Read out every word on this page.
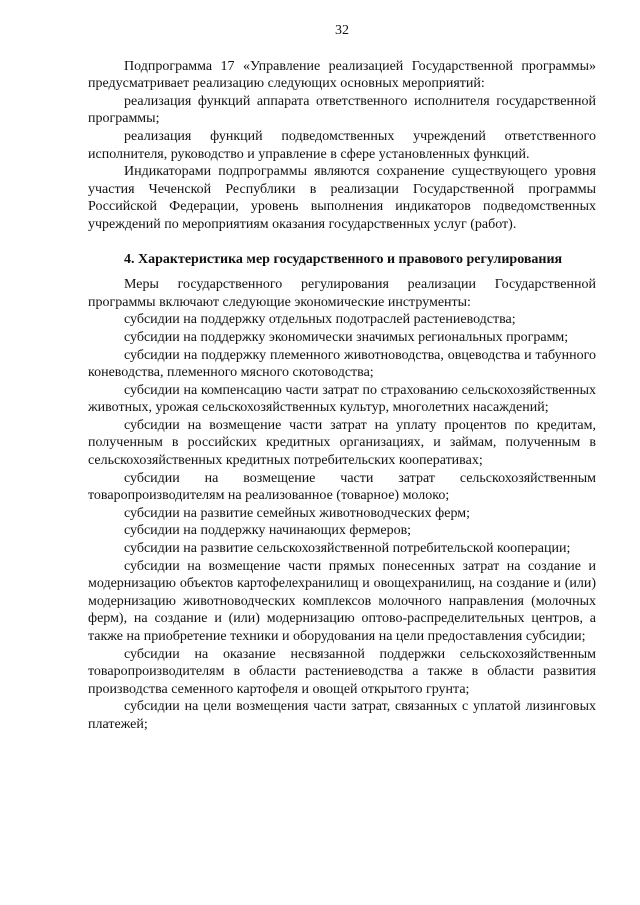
32

Подпрограмма 17 «Управление реализацией Государственной программы» предусматривает реализацию следующих основных мероприятий:

реализация функций аппарата ответственного исполнителя государственной программы;

реализация функций подведомственных учреждений ответственного исполнителя, руководство и управление в сфере установленных функций.

Индикаторами подпрограммы являются сохранение существующего уровня участия Чеченской Республики в реализации Государственной программы Российской Федерации, уровень выполнения индикаторов подведомственных учреждений по мероприятиям оказания государственных услуг (работ).

4. Характеристика мер государственного и правового регулирования

Меры государственного регулирования реализации Государственной программы включают следующие экономические инструменты:

субсидии на поддержку отдельных подотраслей растениеводства;

субсидии на поддержку экономически значимых региональных программ;

субсидии на поддержку племенного животноводства, овцеводства и табунного коневодства, племенного мясного скотоводства;

субсидии на компенсацию части затрат по страхованию сельскохозяйственных животных, урожая сельскохозяйственных культур, многолетних насаждений;

субсидии на возмещение части затрат на уплату процентов по кредитам, полученным в российских кредитных организациях, и займам, полученным в сельскохозяйственных кредитных потребительских кооперативах;

субсидии на возмещение части затрат сельскохозяйственным товаропроизводителям на реализованное (товарное) молоко;

субсидии на развитие семейных животноводческих ферм;

субсидии на поддержку начинающих фермеров;

субсидии на развитие сельскохозяйственной потребительской кооперации;

субсидии на возмещение части прямых понесенных затрат на создание и модернизацию объектов картофелехранилищ и овощехранилищ, на создание и (или) модернизацию животноводческих комплексов молочного направления (молочных ферм), на создание и (или) модернизацию оптово-распределительных центров, а также на приобретение техники и оборудования на цели предоставления субсидии;

субсидии на оказание несвязанной поддержки сельскохозяйственным товаропроизводителям в области растениеводства а также в области развития производства семенного картофеля и овощей открытого грунта;

субсидии на цели возмещения части затрат, связанных с уплатой лизинговых платежей;
